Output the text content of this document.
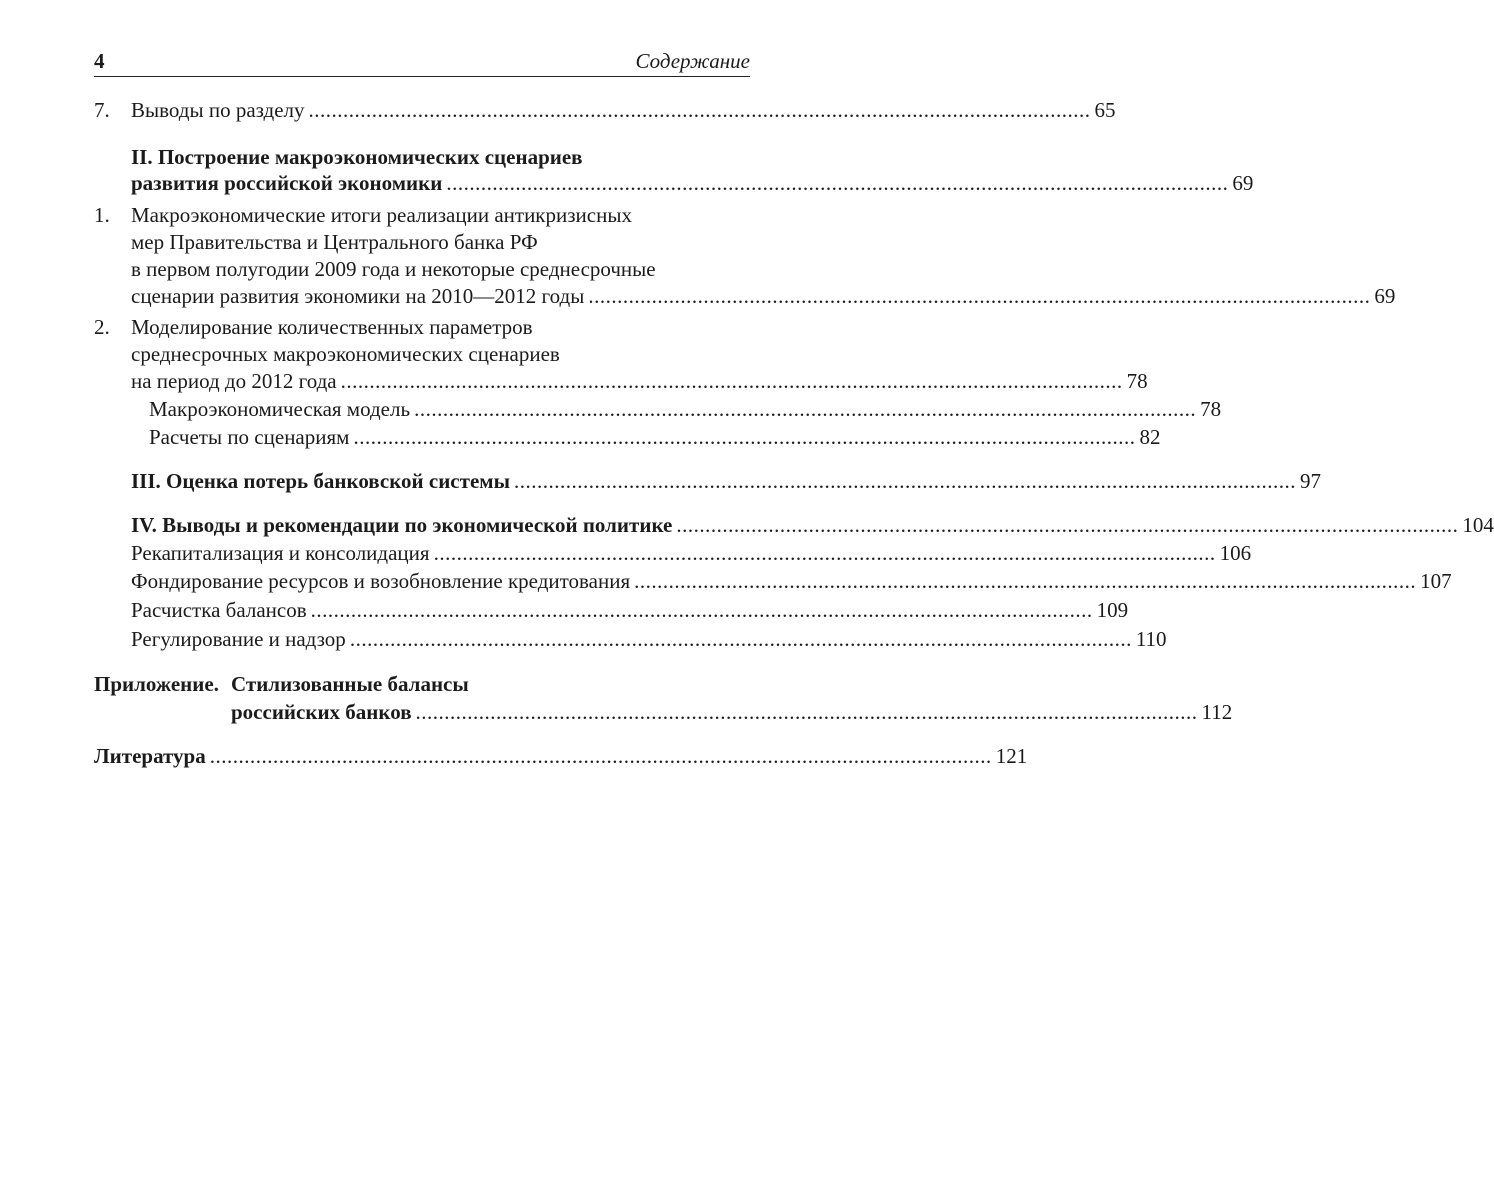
4	Содержание
7. Выводы по разделу ........................................................................................................................................ 65
II. Построение макроэкономических сценариев
развития российской экономики ........................................................................................................................................ 69
1. Макроэкономические итоги реализации антикризисных
мер Правительства и Центрального банка РФ
в первом полугодии 2009 года и некоторые среднесрочные
сценарии развития экономики на 2010—2012 годы ........................................................................................................................................ 69
2. Моделирование количественных параметров
среднесрочных макроэкономических сценариев
на период до 2012 года ........................................................................................................................................ 78
Макроэкономическая модель ........................................................................................................................................ 78
Расчеты по сценариям ........................................................................................................................................ 82
III. Оценка потерь банковской системы ........................................................................................................................................ 97
IV. Выводы и рекомендации по экономической политике ........................................................................................................................................ 104
Рекапитализация и консолидация ........................................................................................................................................ 106
Фондирование ресурсов и возобновление кредитования ........................................................................................................................................ 107
Расчистка балансов ........................................................................................................................................ 109
Регулирование и надзор ........................................................................................................................................ 110
Приложение. Стилизованные балансы
российских банков ........................................................................................................................................ 112
Литература ........................................................................................................................................ 121
